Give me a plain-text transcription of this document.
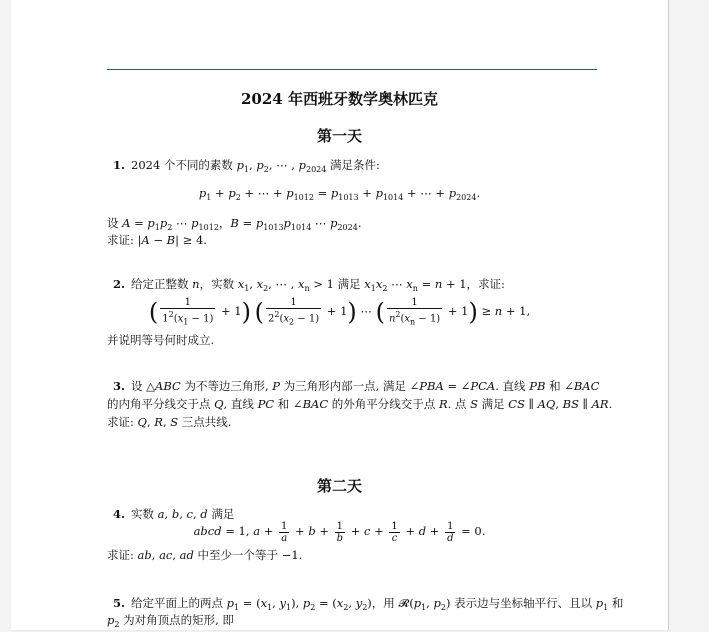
2024 年西班牙数学奥林匹克
第一天
1. 2024 个不同的素数 $p_1$, $p_2$, ⋯ , $p_{2024}$ 满足条件:
$p_1 + p_2$ + ⋯ + $p_{1012} = p_{1013} + p_{1014}$ + ⋯ + $p_{2024}$.
设 $A = p_1p_2$ ⋯ $p_{1012}$，$B = p_{1013}p_{1014}$ ⋯ $p_{2024}$.
求证: |A − B| ≥ 4.
2. 给定正整数 n，实数 $x_1$, $x_2$, ⋯ , $x_n > 1$ 满足 $x_1x_2$ ⋯ $x_n = n + 1$，求证:
( $\frac{1}{1^2(x_1 - 1)} + 1$) ( $\frac{1}{2^2(x_2 - 1)} + 1$) ⋯ ( $\frac{1}{n^2(x_n - 1)} + 1) \ge n + 1$,
并说明等号何时成立.
3. 设 △ABC 为不等边三角形, P 为三角形内部一点, 满足 ∠PBA = ∠PCA. 直线 PB 和 ∠BAC
的内角平分线交于点 Q, 直线 PC 和 ∠BAC 的外角平分线交于点 R. 点 S 满足 CS ∥ AQ, BS ∥ AR.
求证: Q, R, S 三点共线.
第二天
4. 实数 a, b, c, d 满足
abcd = 1, $a + \frac{1}{a} + b + \frac{1}{b} + c + \frac{1}{c} + d + \frac{1}{d} = 0$.
求证: ab, ac, ad 中至少一个等于 −1.
5. 给定平面上的两点 $p_1 = (x_1$, $y_1$), $p_2 = (x_2$, $y_2$)，用 $𝓡(p_1$, $p_2$) 表示边与坐标轴平行、且以 $p_1$ 和
$p_2$ 为对角顶点的矩形, 即
